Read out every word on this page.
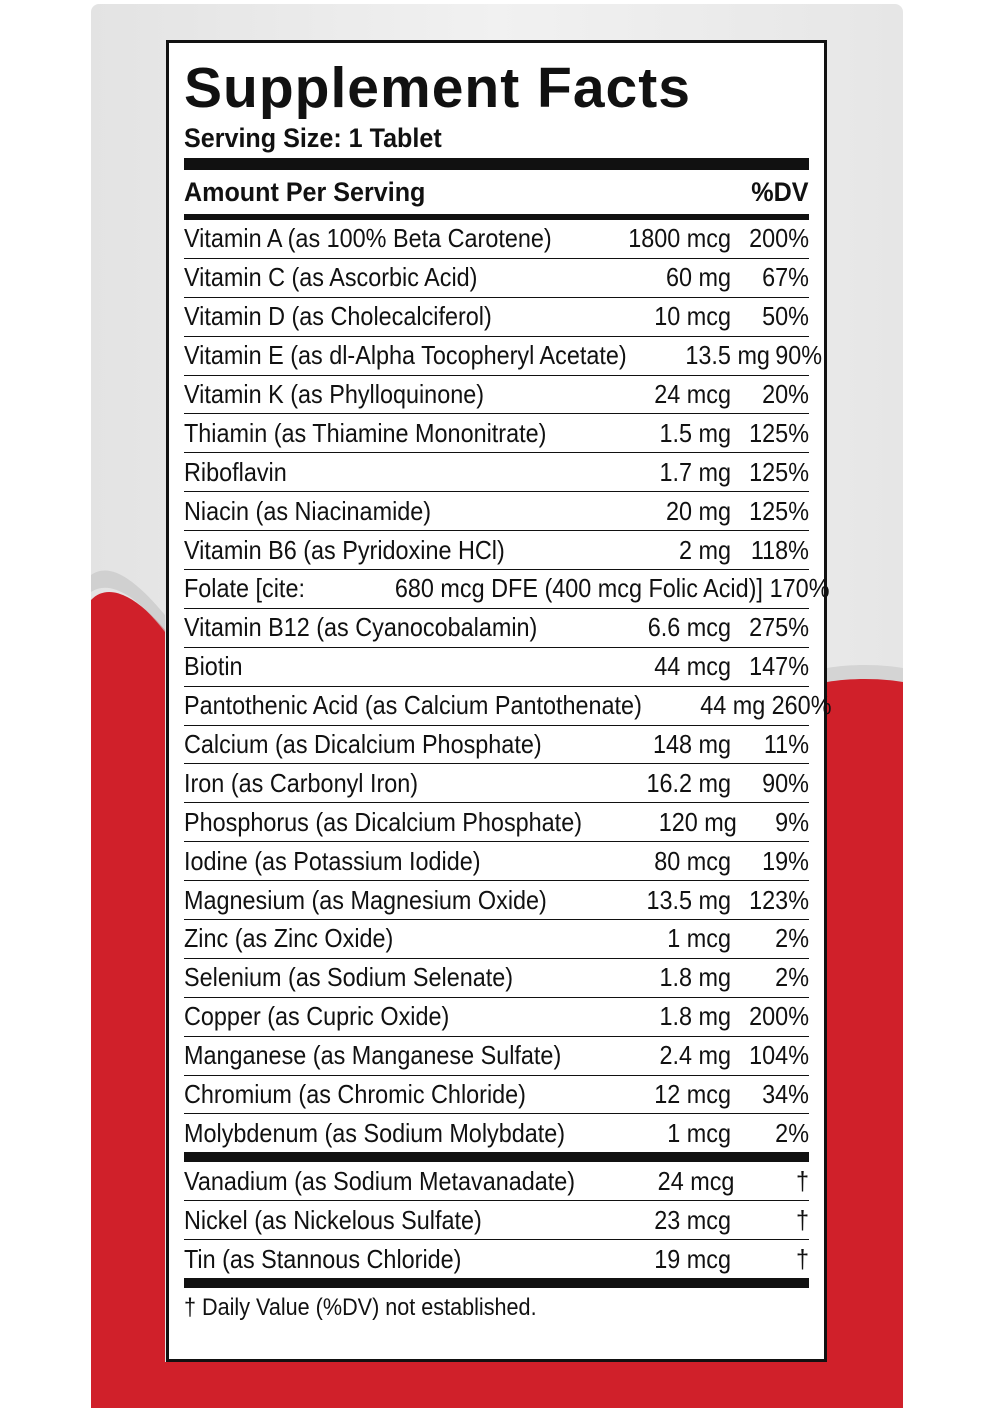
Supplement Facts
Serving Size: 1 Tablet
Amount Per Serving	%DV
Vitamin A (as 100% Beta Carotene)	1800 mcg 200%
Vitamin C (as Ascorbic Acid)	60 mg	67%
Vitamin D (as Cholecalciferol)	10 mcg	50%
Vitamin E (as dl-Alpha Tocopheryl Acetate) 13.5 mg 90%
Vitamin K (as Phylloquinone)	24 mcg	20%
Thiamin (as Thiamine Mononitrate)	1.5 mg 125%
Riboflavin	1.7 mg 125%
Niacin (as Niacinamide)	20 mg 125%
Vitamin B6 (as Pyridoxine HCl)	2 mg 118%
Folate [cite:	680 mcg DFE (400 mcg Folic Acid)] 170%
Vitamin B12 (as Cyanocobalamin)	6.6 mcg 275%
Biotin	44 mcg 147%
Pantothenic Acid (as Calcium Pantothenate) 44 mg 260%
Calcium (as Dicalcium Phosphate)	148 mg	11%
Iron (as Carbonyl Iron)	16.2 mg	90%
Phosphorus (as Dicalcium Phosphate)	120 mg	9%
Iodine (as Potassium Iodide)	80 mcg	19%
Magnesium (as Magnesium Oxide)	13.5 mg 123%
Zinc (as Zinc Oxide)	1 mcg	2%
Selenium (as Sodium Selenate)	1.8 mg	2%
Copper (as Cupric Oxide)	1.8 mg 200%
Manganese (as Manganese Sulfate)	2.4 mg 104%
Chromium (as Chromic Chloride)	12 mcg	34%
Molybdenum (as Sodium Molybdate)	1 mcg	2%
Vanadium (as Sodium Metavanadate)	24 mcg	†
Nickel (as Nickelous Sulfate)	23 mcg	†
Tin (as Stannous Chloride)	19 mcg	†
† Daily Value (%DV) not established.
